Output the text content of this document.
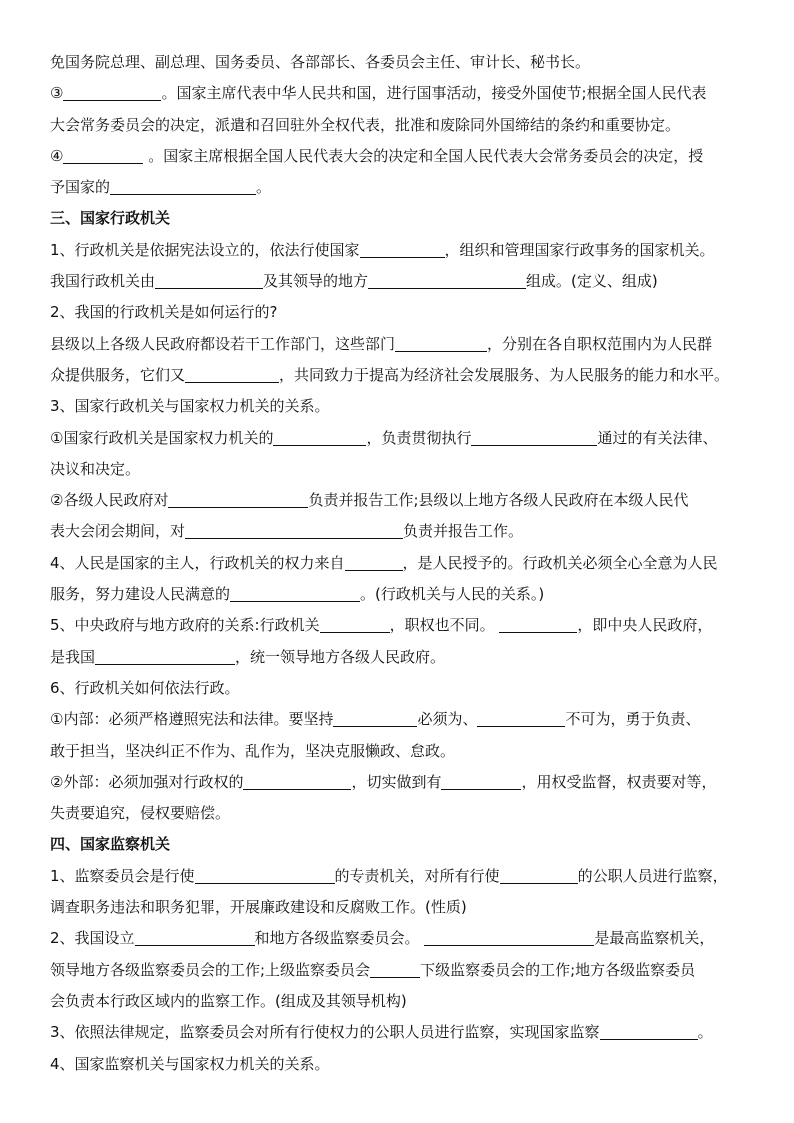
免国务院总理、副总理、国务委员、各部部长、各委员会主任、审计长、秘书长。
③	。国家主席代表中华人民共和国，进行国事活动，接受外国使节;根据全国人民代表
大会常务委员会的决定，派遣和召回驻外全权代表，批准和废除同外国缔结的条约和重要协定。
④	。国家主席根据全国人民代表大会的决定和全国人民代表大会常务委员会的决定，授
予国家的	。
三、国家行政机关
1、行政机关是依据宪法设立的，依法行使国家	，组织和管理国家行政事务的国家机关。
我国行政机关由	及其领导的地方	组成。(定义、组成)
2、我国的行政机关是如何运行的?
县级以上各级人民政府都设若干工作部门，这些部门	，分别在各自职权范围内为人民群
众提供服务，它们又	，共同致力于提高为经济社会发展服务、为人民服务的能力和水平。
3、国家行政机关与国家权力机关的关系。
①国家行政机关是国家权力机关的	，负责贯彻执行	通过的有关法律、
决议和决定。
②各级人民政府对	负责并报告工作;县级以上地方各级人民政府在本级人民代
表大会闭会期间，对	负责并报告工作。
4、人民是国家的主人，行政机关的权力来自	，是人民授予的。行政机关必须全心全意为人民
服务，努力建设人民满意的	。(行政机关与人民的关系。)
5、中央政府与地方政府的关系:行政机关	，职权也不同。	，即中央人民政府，
是我国	，统一领导地方各级人民政府。
6、行政机关如何依法行政。
①内部：必须严格遵照宪法和法律。要坚持	必须为、	不可为，勇于负责、
敢于担当，坚决纠正不作为、乱作为，坚决克服懒政、怠政。
②外部：必须加强对行政权的	，切实做到有	，用权受监督，权责要对等，
失责要追究，侵权要赔偿。
四、国家监察机关
1、监察委员会是行使	的专责机关，对所有行使	的公职人员进行监察，
调查职务违法和职务犯罪，开展廉政建设和反腐败工作。(性质)
2、我国设立	和地方各级监察委员会。	是最高监察机关，
领导地方各级监察委员会的工作;上级监察委员会	下级监察委员会的工作;地方各级监察委员
会负责本行政区域内的监察工作。(组成及其领导机构)
3、依照法律规定，监察委员会对所有行使权力的公职人员进行监察，实现国家监察	。
4、国家监察机关与国家权力机关的关系。
